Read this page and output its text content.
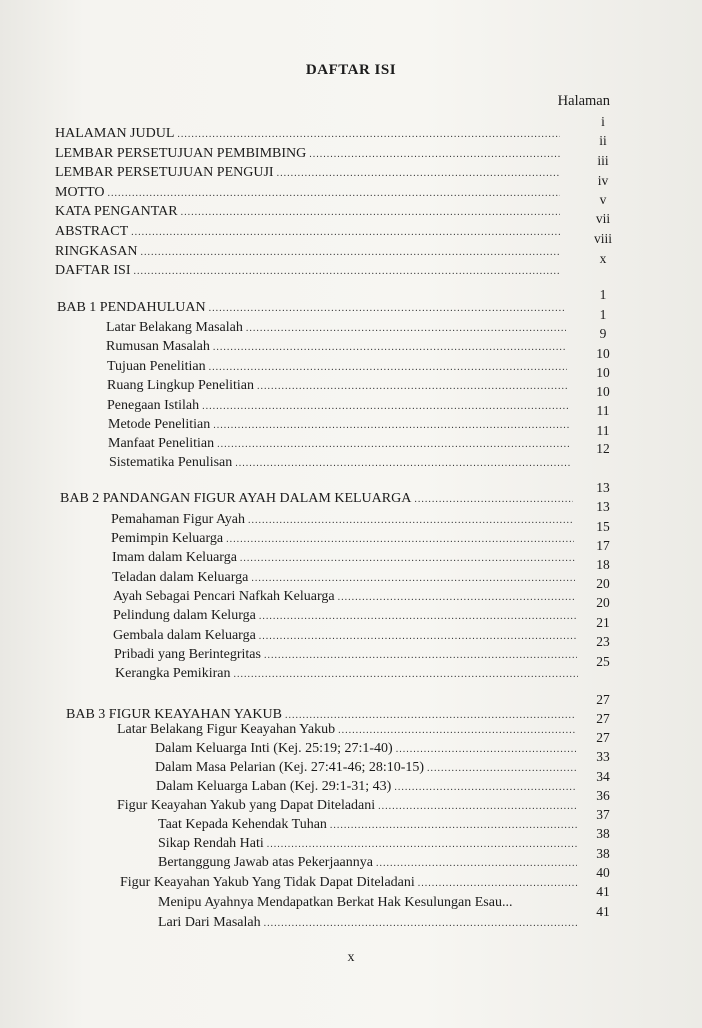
DAFTAR ISI
Halaman
HALAMAN JUDUL
.....
LEMBAR PERSETUJUAN PEMBIMBING
.....
LEMBAR PERSETUJUAN PENGUJI
.....
MOTTO
.....
KATA PENGANTAR
.....
ABSTRACT
.....
RINGKASAN
.....
DAFTAR ISI
.....
BAB 1 PENDAHULUAN
.....
Latar Belakang Masalah
.....
Rumusan Masalah
.....
Tujuan Penelitian
.....
Ruang Lingkup Penelitian
.....
Penegaan Istilah
.....
Metode Penelitian
.....
Manfaat Penelitian
.....
Sistematika Penulisan
.....
BAB 2 PANDANGAN FIGUR AYAH DALAM KELUARGA
.....
Pemahaman Figur Ayah
.....
Pemimpin Keluarga
.....
Imam dalam Keluarga
.....
Teladan dalam Keluarga
.....
Ayah Sebagai Pencari Nafkah Keluarga
.....
Pelindung dalam Kelurga
.....
Gembala dalam Keluarga
.....
Pribadi yang Berintegritas
.....
Kerangka Pemikiran
.....
BAB 3 FIGUR KEAYAHAN YAKUB
.....
Latar Belakang Figur Keayahan Yakub
.....
Dalam Keluarga Inti (Kej. 25:19; 27:1-40)
.....
Dalam Masa Pelarian (Kej. 27:41-46; 28:10-15)
.....
Dalam Keluarga Laban (Kej. 29:1-31; 43)
.....
Figur Keayahan Yakub yang Dapat Diteladani
.....
Taat Kepada Kehendak Tuhan
.....
Sikap Rendah Hati
.....
Bertanggung Jawab atas Pekerjaannya
.....
Figur Keayahan Yakub Yang Tidak Dapat Diteladani
.....
Menipu Ayahnya Mendapatkan Berkat Hak Kesulungan Esau...
Lari Dari Masalah
.....
i
ii
iii
iv
v
vii
viii
x
1
1
9
10
10
10
11
11
12
13
13
15
17
18
20
20
21
23
25
27
27
27
33
34
36
37
38
38
40
41
41
x
